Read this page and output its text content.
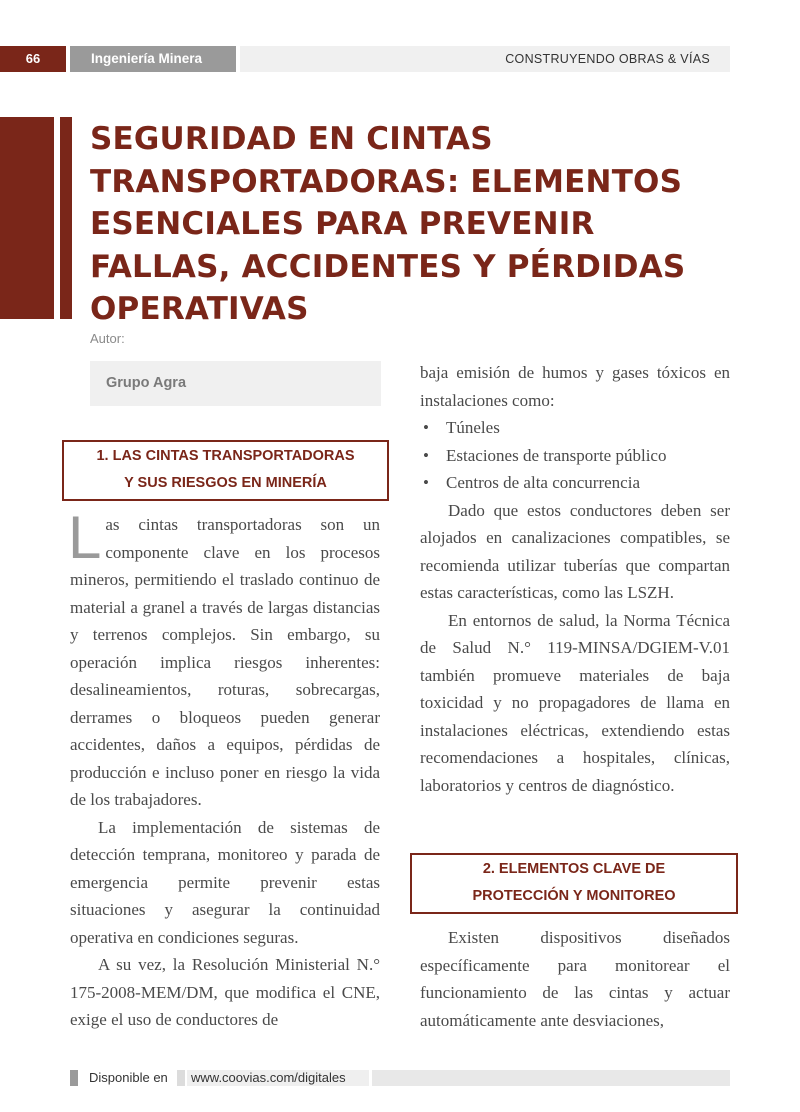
66	Ingeniería Minera	CONSTRUYENDO OBRAS & VÍAS
SEGURIDAD EN CINTAS
TRANSPORTADORAS: ELEMENTOS
ESENCIALES PARA PREVENIR
FALLAS, ACCIDENTES Y PÉRDIDAS
OPERATIVAS
Autor:
Grupo Agra
1. LAS CINTAS TRANSPORTADORAS
Y SUS RIESGOS EN MINERÍA

Las cintas transportadoras son un componente clave en los procesos mineros, permitiendo el traslado continuo de material a granel a través de largas distancias y terrenos complejos. Sin embargo, su operación implica riesgos inherentes: desalineamientos, roturas, sobrecargas, derrames o bloqueos pueden generar accidentes, daños a equipos, pérdidas de producción e incluso poner en riesgo la vida de los trabajadores.

La implementación de sistemas de detección temprana, monitoreo y parada de emergencia permite prevenir estas situaciones y asegurar la continuidad operativa en condiciones seguras.

A su vez, la Resolución Ministerial N.° 175-2008-MEM/DM, que modifica el CNE, exige el uso de conductores de

baja emisión de humos y gases tóxicos en instalaciones como:

• Túneles
• Estaciones de transporte público
• Centros de alta concurrencia

Dado que estos conductores deben ser alojados en canalizaciones compatibles, se recomienda utilizar tuberías que compartan estas características, como las LSZH.

En entornos de salud, la Norma Técnica de Salud N.° 119-MINSA/DGIEM-V.01 también promueve materiales de baja toxicidad y no propagadores de llama en instalaciones eléctricas, extendiendo estas recomendaciones a hospitales, clínicas, laboratorios y centros de diagnóstico.

2. ELEMENTOS CLAVE DE
PROTECCIÓN Y MONITOREO

Existen dispositivos diseñados específicamente para monitorear el funcionamiento de las cintas y actuar automáticamente ante desviaciones,

Disponible en	www.coovias.com/digitales
